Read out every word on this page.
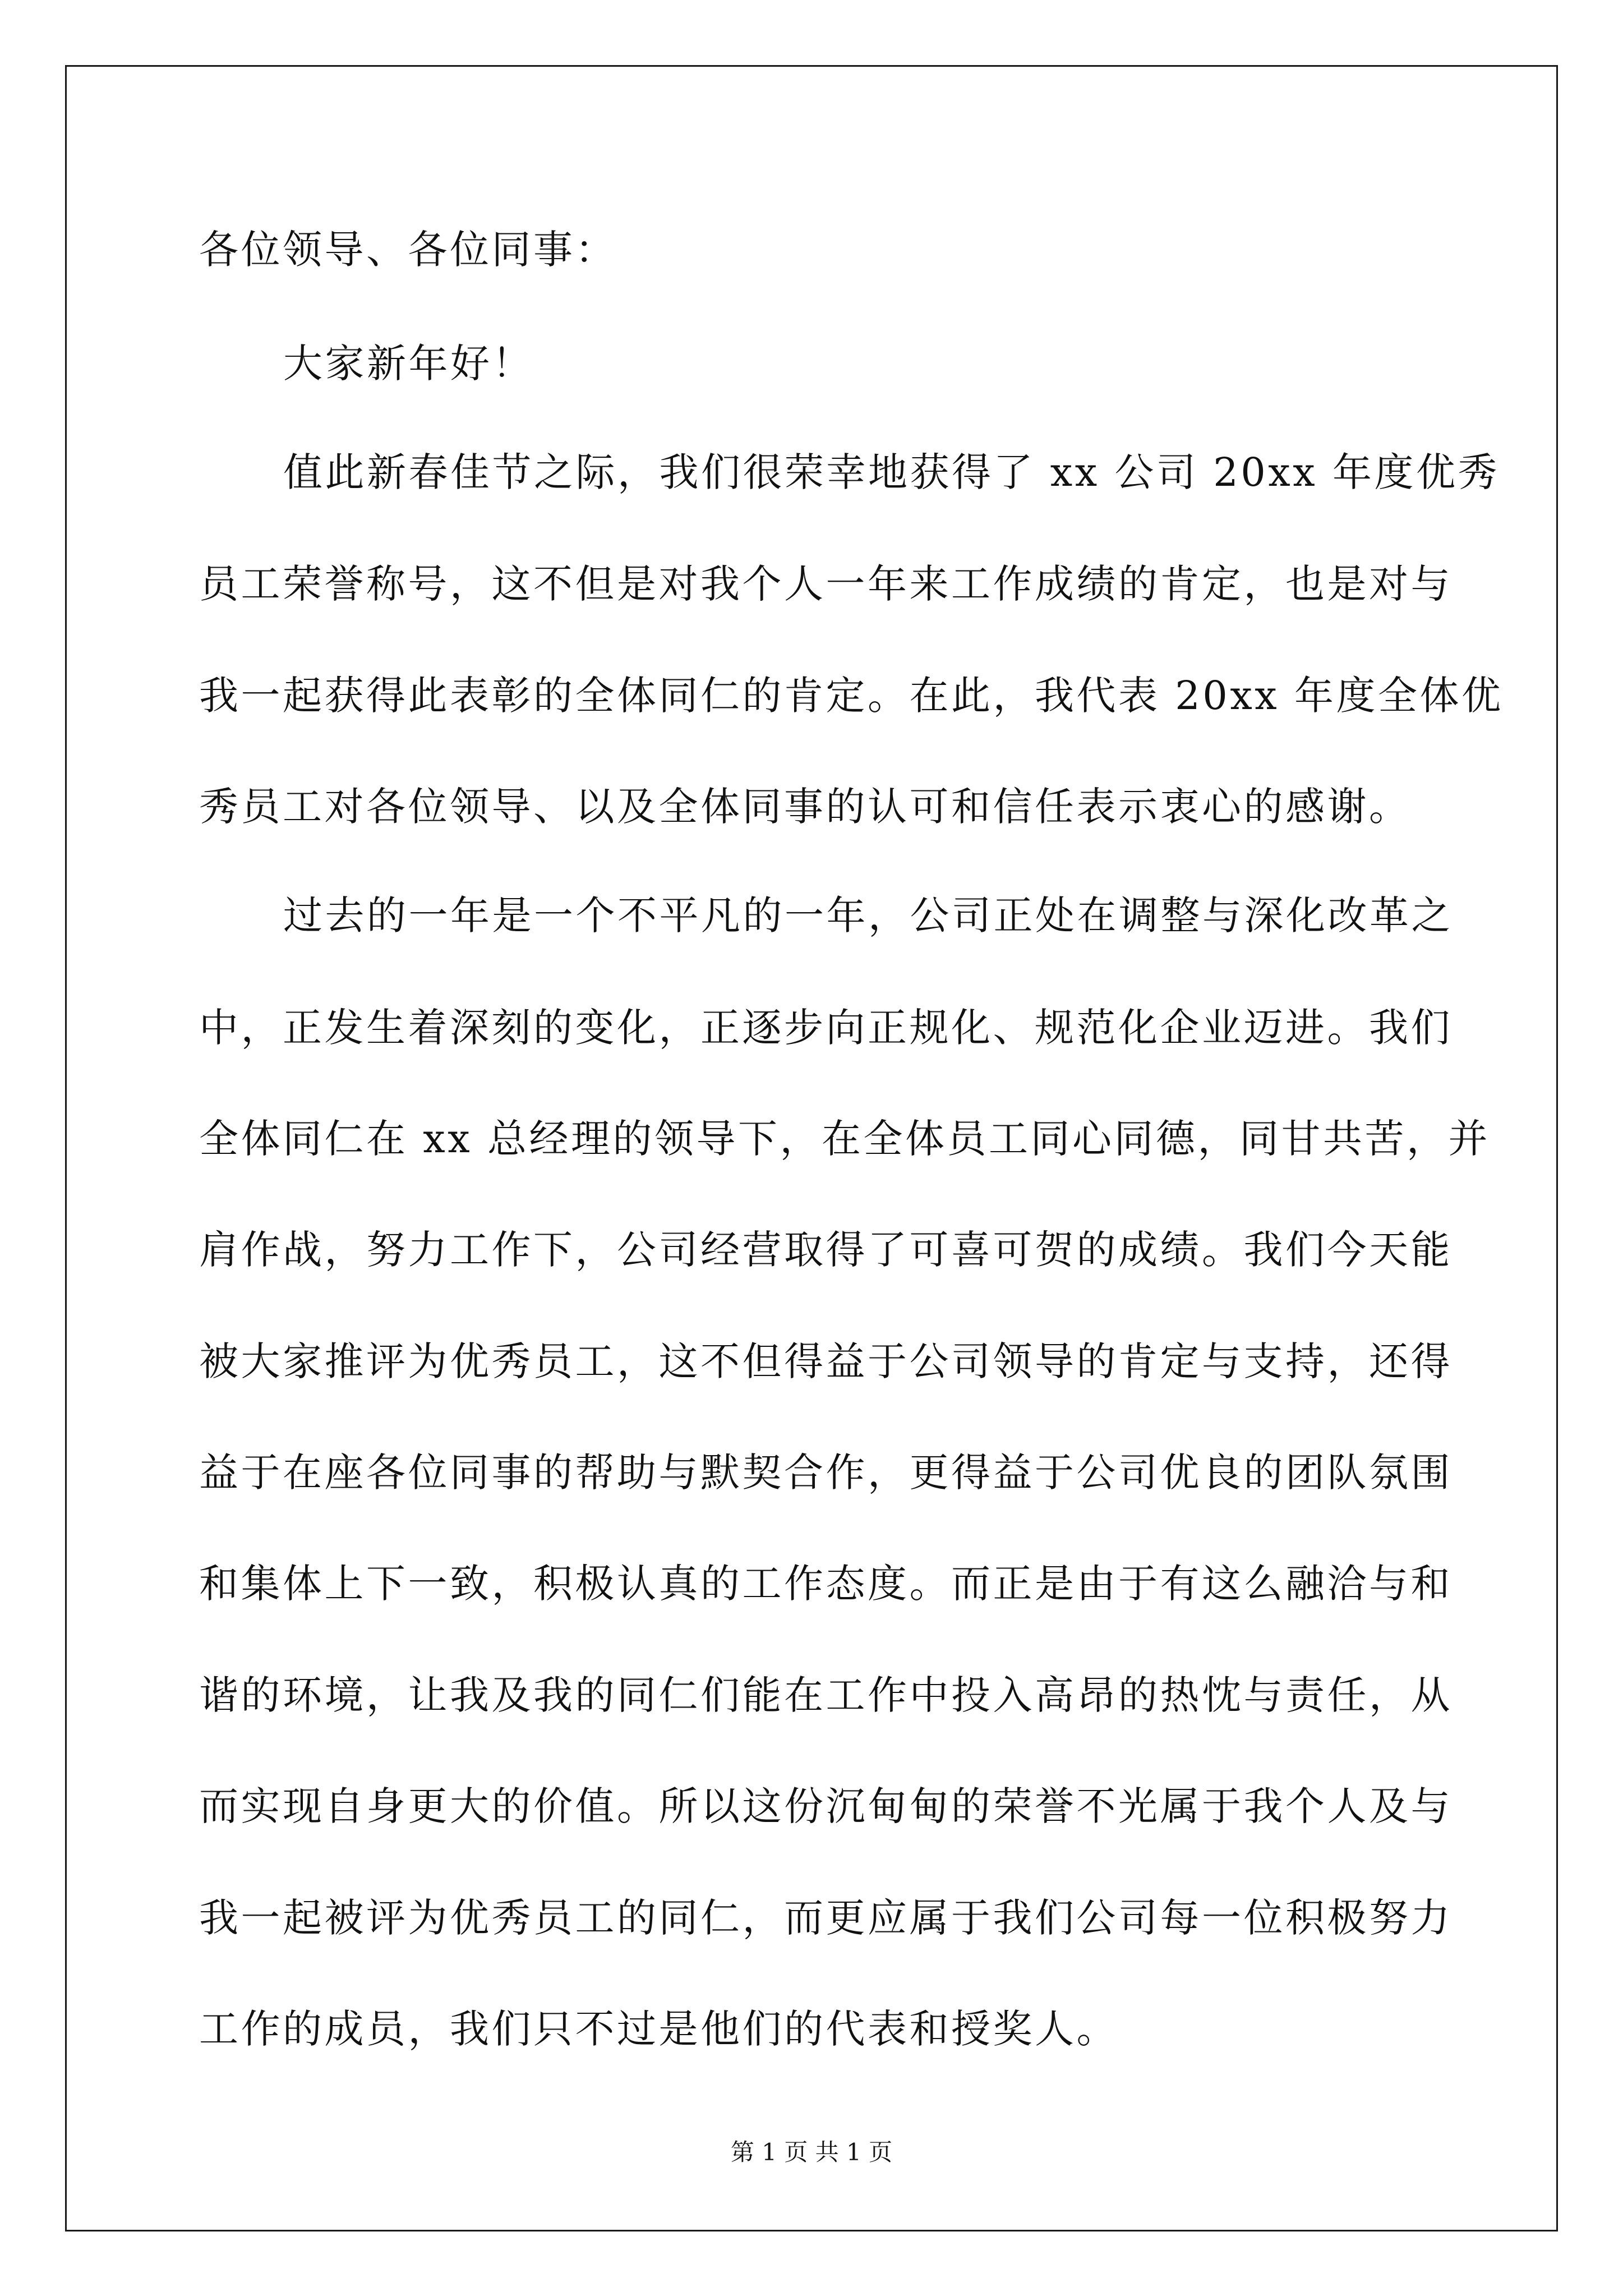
各位领导、各位同事：
大家新年好！
值此新春佳节之际，我们很荣幸地获得了 xx 公司 20xx 年度优秀
员工荣誉称号，这不但是对我个人一年来工作成绩的肯定，也是对与
我一起获得此表彰的全体同仁的肯定。在此，我代表 20xx 年度全体优
秀员工对各位领导、以及全体同事的认可和信任表示衷心的感谢。
过去的一年是一个不平凡的一年，公司正处在调整与深化改革之
中，正发生着深刻的变化，正逐步向正规化、规范化企业迈进。我们
全体同仁在 xx 总经理的领导下，在全体员工同心同德，同甘共苦，并
肩作战，努力工作下，公司经营取得了可喜可贺的成绩。我们今天能
被大家推评为优秀员工，这不但得益于公司领导的肯定与支持，还得
益于在座各位同事的帮助与默契合作，更得益于公司优良的团队氛围
和集体上下一致，积极认真的工作态度。而正是由于有这么融洽与和
谐的环境，让我及我的同仁们能在工作中投入高昂的热忱与责任，从
而实现自身更大的价值。所以这份沉甸甸的荣誉不光属于我个人及与
我一起被评为优秀员工的同仁，而更应属于我们公司每一位积极努力
工作的成员，我们只不过是他们的代表和授奖人。
第 1 页 共 1 页
